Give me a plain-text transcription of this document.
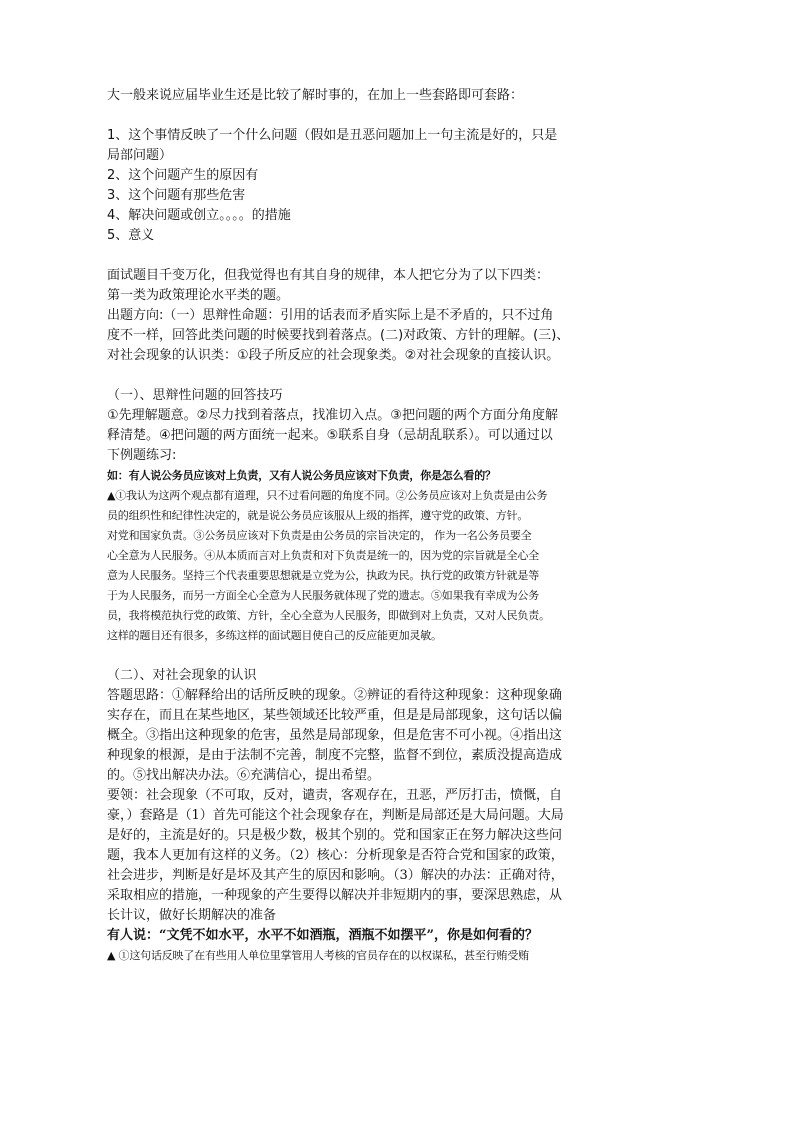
大一般来说应届毕业生还是比较了解时事的，在加上一些套路即可套路：
1、这个事情反映了一个什么问题（假如是丑恶问题加上一句主流是好的，只是
局部问题）
2、这个问题产生的原因有
3、这个问题有那些危害
4、解决问题或创立。。。。的措施
5、意义
面试题目千变万化，但我觉得也有其自身的规律，本人把它分为了以下四类：
第一类为政策理论水平类的题。
出题方向:（一）思辩性命题：引用的话表而矛盾实际上是不矛盾的，只不过角
度不一样，回答此类问题的时候要找到着落点。(二)对政策、方针的理解。(三)、
对社会现象的认识类：①段子所反应的社会现象类。②对社会现象的直接认识。
（一）、思辩性问题的回答技巧
①先理解题意。②尽力找到着落点，找准切入点。③把问题的两个方面分角度解
释清楚。④把问题的两方面统一起来。⑤联系自身（忌胡乱联系）。可以通过以
下例题练习:
如：有人说公务员应该对上负责，又有人说公务员应该对下负责，你是怎么看的？
▲①我认为这两个观点都有道理，只不过看问题的角度不同。②公务员应该对上负责是由公务
员的组织性和纪律性决定的，就是说公务员应该服从上级的指挥，遵守党的政策、方针。
对党和国家负责。③公务员应该对下负责是由公务员的宗旨决定的， 作为一名公务员要全
心全意为人民服务。④从本质而言对上负责和对下负责是统一的，因为党的宗旨就是全心全
意为人民服务。坚持三个代表重要思想就是立党为公，执政为民。执行党的政策方针就是等
于为人民服务，而另一方面全心全意为人民服务就体现了党的遗志。⑤如果我有幸成为公务
员，我将模范执行党的政策、方针，全心全意为人民服务，即做到对上负责，又对人民负责。
这样的题目还有很多，多练这样的面试题目使自己的反应能更加灵敏。
（二）、对社会现象的认识
答题思路：①解释给出的话所反映的现象。②辨证的看待这种现象：这种现象确
实存在，而且在某些地区，某些领域还比较严重，但是是局部现象，这句话以偏
概全。③指出这种现象的危害，虽然是局部现象，但是危害不可小视。④指出这
种现象的根源，是由于法制不完善，制度不完整，监督不到位，素质没提高造成
的。⑤找出解决办法。⑥充满信心，提出希望。
要领：社会现象（不可取，反对，谴责，客观存在，丑恶，严厉打击，愤慨，自
豪，）套路是（1）首先可能这个社会现象存在，判断是局部还是大局问题。大局
是好的，主流是好的。只是极少数，极其个别的。党和国家正在努力解决这些问
题，我本人更加有这样的义务。（2）核心：分析现象是否符合党和国家的政策，
社会进步，判断是好是坏及其产生的原因和影响。（3）解决的办法：正确对待，
采取相应的措施，一种现象的产生要得以解决并非短期内的事，要深思熟虑，从
长计议，做好长期解决的准备
有人说：“文凭不如水平，水平不如酒瓶，酒瓶不如摆平”，你是如何看的？
▲ ①这句话反映了在有些用人单位里掌管用人考核的官员存在的以权谋私，甚至行贿受贿
